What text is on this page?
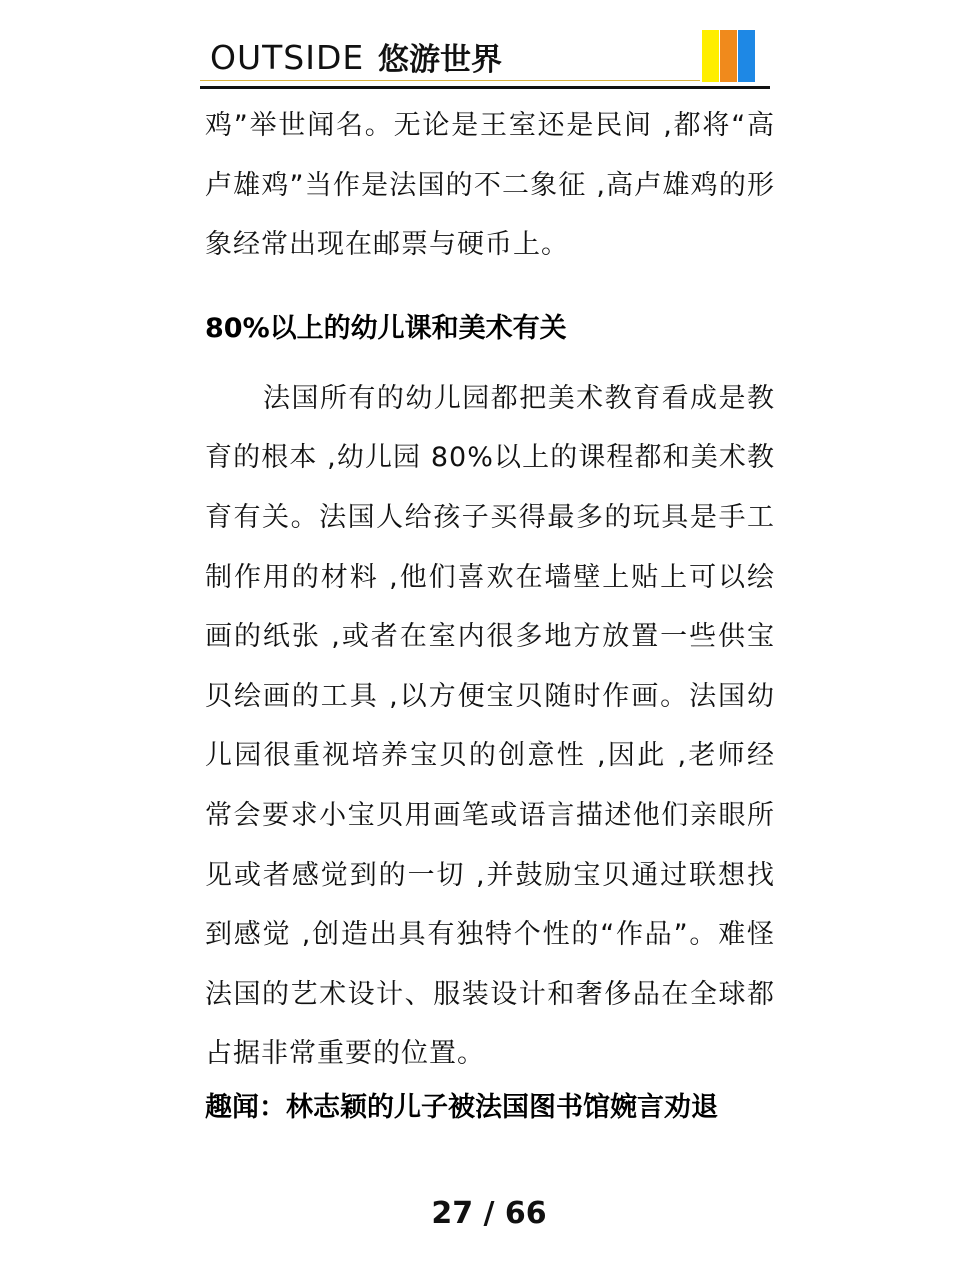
OUTSIDE 悠游世界

鸡”举世闻名。无论是王室还是民间 ,都将“高卢雄鸡”当作是法国的不二象征 ,高卢雄鸡的形象经常出现在邮票与硬币上。

80%以上的幼儿课和美术有关

法国所有的幼儿园都把美术教育看成是教育的根本 ,幼儿园 80%以上的课程都和美术教育有关。法国人给孩子买得最多的玩具是手工制作用的材料 ,他们喜欢在墙壁上贴上可以绘画的纸张 ,或者在室内很多地方放置一些供宝贝绘画的工具 ,以方便宝贝随时作画。法国幼儿园很重视培养宝贝的创意性 ,因此 ,老师经常会要求小宝贝用画笔或语言描述他们亲眼所见或者感觉到的一切 ,并鼓励宝贝通过联想找到感觉 ,创造出具有独特个性的“作品”。难怪法国的艺术设计、服装设计和奢侈品在全球都占据非常重要的位置。

趣闻：林志颖的儿子被法国图书馆婉言劝退

27 / 66
